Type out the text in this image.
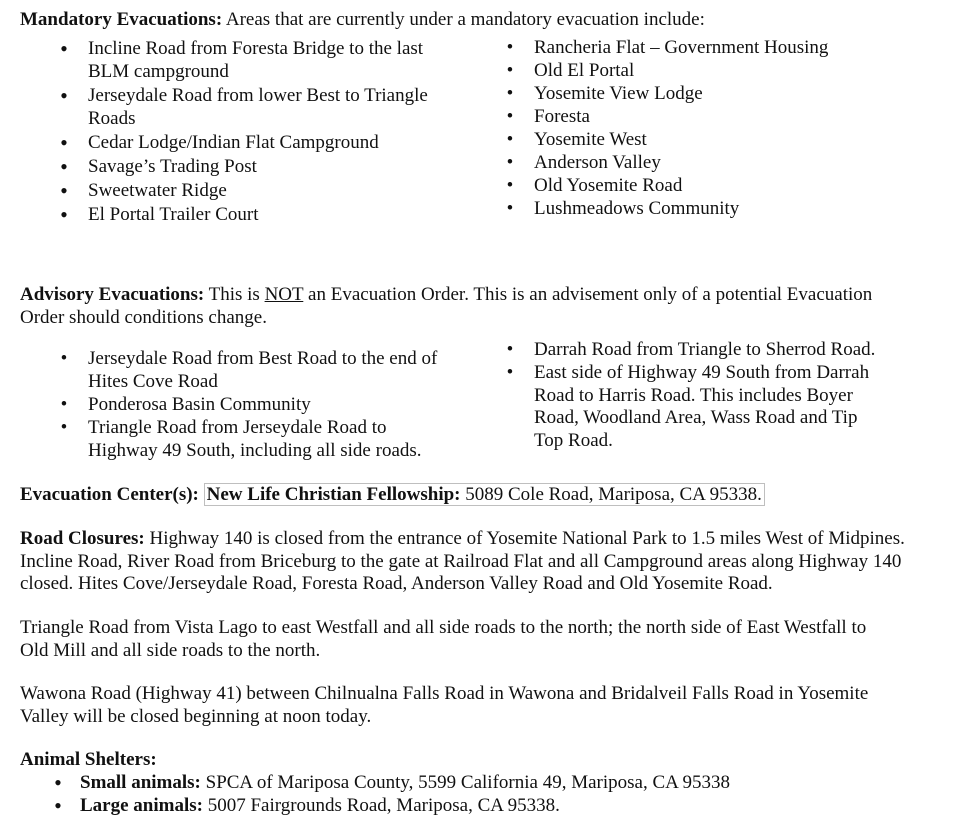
Mandatory Evacuations: Areas that are currently under a mandatory evacuation include:
• Incline Road from Foresta Bridge to the last
BLM campground
• Jerseydale Road from lower Best to Triangle
Roads
• Cedar Lodge/Indian Flat Campground
• Savage’s Trading Post
• Sweetwater Ridge
• El Portal Trailer Court
• Rancheria Flat – Government Housing
• Old El Portal
• Yosemite View Lodge
• Foresta
• Yosemite West
• Anderson Valley
• Old Yosemite Road
• Lushmeadows Community
Advisory Evacuations: This is NOT an Evacuation Order. This is an advisement only of a potential Evacuation
Order should conditions change.
• Jerseydale Road from Best Road to the end of
Hites Cove Road
• Ponderosa Basin Community
• Triangle Road from Jerseydale Road to
Highway 49 South, including all side roads.
• Darrah Road from Triangle to Sherrod Road.
• East side of Highway 49 South from Darrah
Road to Harris Road. This includes Boyer
Road, Woodland Area, Wass Road and Tip
Top Road.
Evacuation Center(s): New Life Christian Fellowship: 5089 Cole Road, Mariposa, CA 95338.
Road Closures: Highway 140 is closed from the entrance of Yosemite National Park to 1.5 miles West of Midpines.
Incline Road, River Road from Briceburg to the gate at Railroad Flat and all Campground areas along Highway 140
closed. Hites Cove/Jerseydale Road, Foresta Road, Anderson Valley Road and Old Yosemite Road.
Triangle Road from Vista Lago to east Westfall and all side roads to the north; the north side of East Westfall to
Old Mill and all side roads to the north.
Wawona Road (Highway 41) between Chilnualna Falls Road in Wawona and Bridalveil Falls Road in Yosemite
Valley will be closed beginning at noon today.
Animal Shelters:
• Small animals: SPCA of Mariposa County, 5599 California 49, Mariposa, CA 95338
• Large animals: 5007 Fairgrounds Road, Mariposa, CA 95338.
